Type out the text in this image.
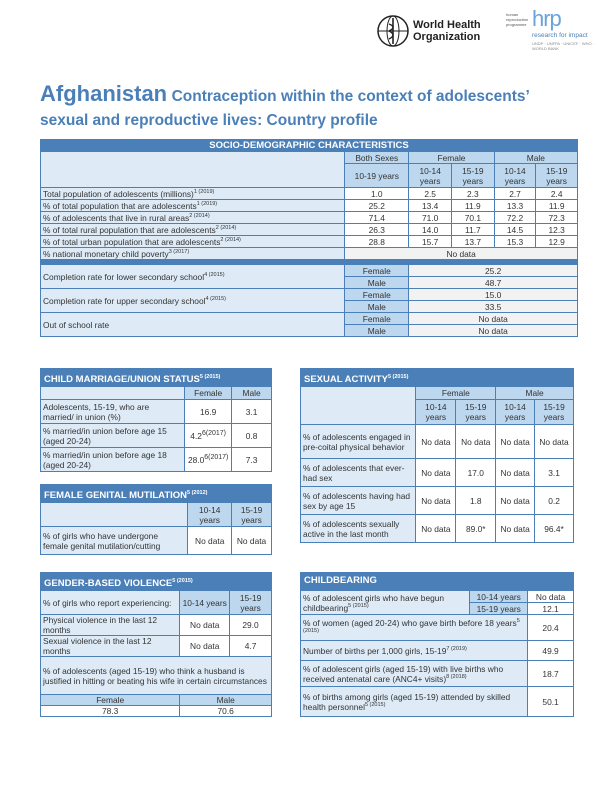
World Health
Organization
human
reproduction
programme hrp
research for impact
UNDP · UNFPA · UNICEF · WHO · WORLD BANK
Afghanistan Contraception within the context of adolescents’
sexual and reproductive lives: Country profile
SOCIO-DEMOGRAPHIC CHARACTERISTICS					
	Both Sexes	Female		Male	
	10-19 years	10-14 years	15-19 years	10-14 years	15-19 years
Total population of adolescents (millions)$^{1 (2019)}$	1.0	2.5	2.3	2.7	2.4
% of total population that are adolescents$^{1 (2019)}$	25.2	13.4	11.9	13.3	11.9
% of adolescents that live in rural areas$^{2 (2014)}$	71.4	71.0	70.1	72.2	72.3
% of total rural population that are adolescents$^{2 (2014)}$	26.3	14.0	11.7	14.5	12.3
% of total urban population that are adolescents$^{2 (2014)}$	28.8	15.7	13.7	15.3	12.9
% national monetary child poverty$^{3 (2017)}$	No data				

Completion rate for lower secondary school$^{4 (2015)}$	Female	25.2			
	Male	48.7			
Completion rate for upper secondary school$^{4 (2015)}$	Female	15.0			
	Male	33.5			
Out of school rate	Female	No data			
	Male	No data			
CHILD MARRIAGE/UNION $STATUS^{5 (2015)}$
	Female	Male
Adolescents, 15-19, who are married/ in union (%)	16.9	3.1
% married/in union before age 15 (aged 20-24)	$4.2^{6(2017)}$	0.8
% married/in union before age 18 (aged 20-24)	$28.0^{6(2017)}$	7.3
FEMALE GENITAL $MUTILATION^{5 (2012)}$
	10-14 years	15-19 years
% of girls who have undergone female genital mutilation/cutting	No data	No data
GENDER-BASED $VIOLENCE^{5 (2015)}$
% of girls who report experiencing:	10-14 years	15-19 years
Physical violence in the last 12 months	No data	29.0
Sexual violence in the last 12 months	No data	4.7
% of adolescents (aged 15-19) who think a husband is justified in hitting or beating his wife in certain circumstances		
Female	Male	
78.3	70.6	
SEXUAL $ACTIVITY^{5 (2015)}$
	Female		Male	
	10-14 years	15-19 years	10-14 years	15-19 years
% of adolescents engaged in pre-coital physical behavior	No data	No data	No data	No data
% of adolescents that ever-had sex	No data	17.0	No data	3.1
% of adolescents having had sex by age 15	No data	1.8	No data	0.2
% of adolescents sexually active in the last month	No data	89.0*	No data	96.4*
CHILDBEARING
% of adolescent girls who have begun childbearing$^{5 (2015)}$	10-14 years	No data
	15-19 years	12.1
% of women (aged 20-24) who gave birth before 18 years$^{5 (2015)}$		20.4
Number of births per 1,000 girls, $15-19^{7 (2019)}$		49.9
% of adolescent girls (aged 15-19) with live births who received antenatal care (ANC4+ visits)$^{8 (2018)}$		18.7
% of births among girls (aged 15-19) attended by skilled health personnel$^{5 (2015)}$		50.1
